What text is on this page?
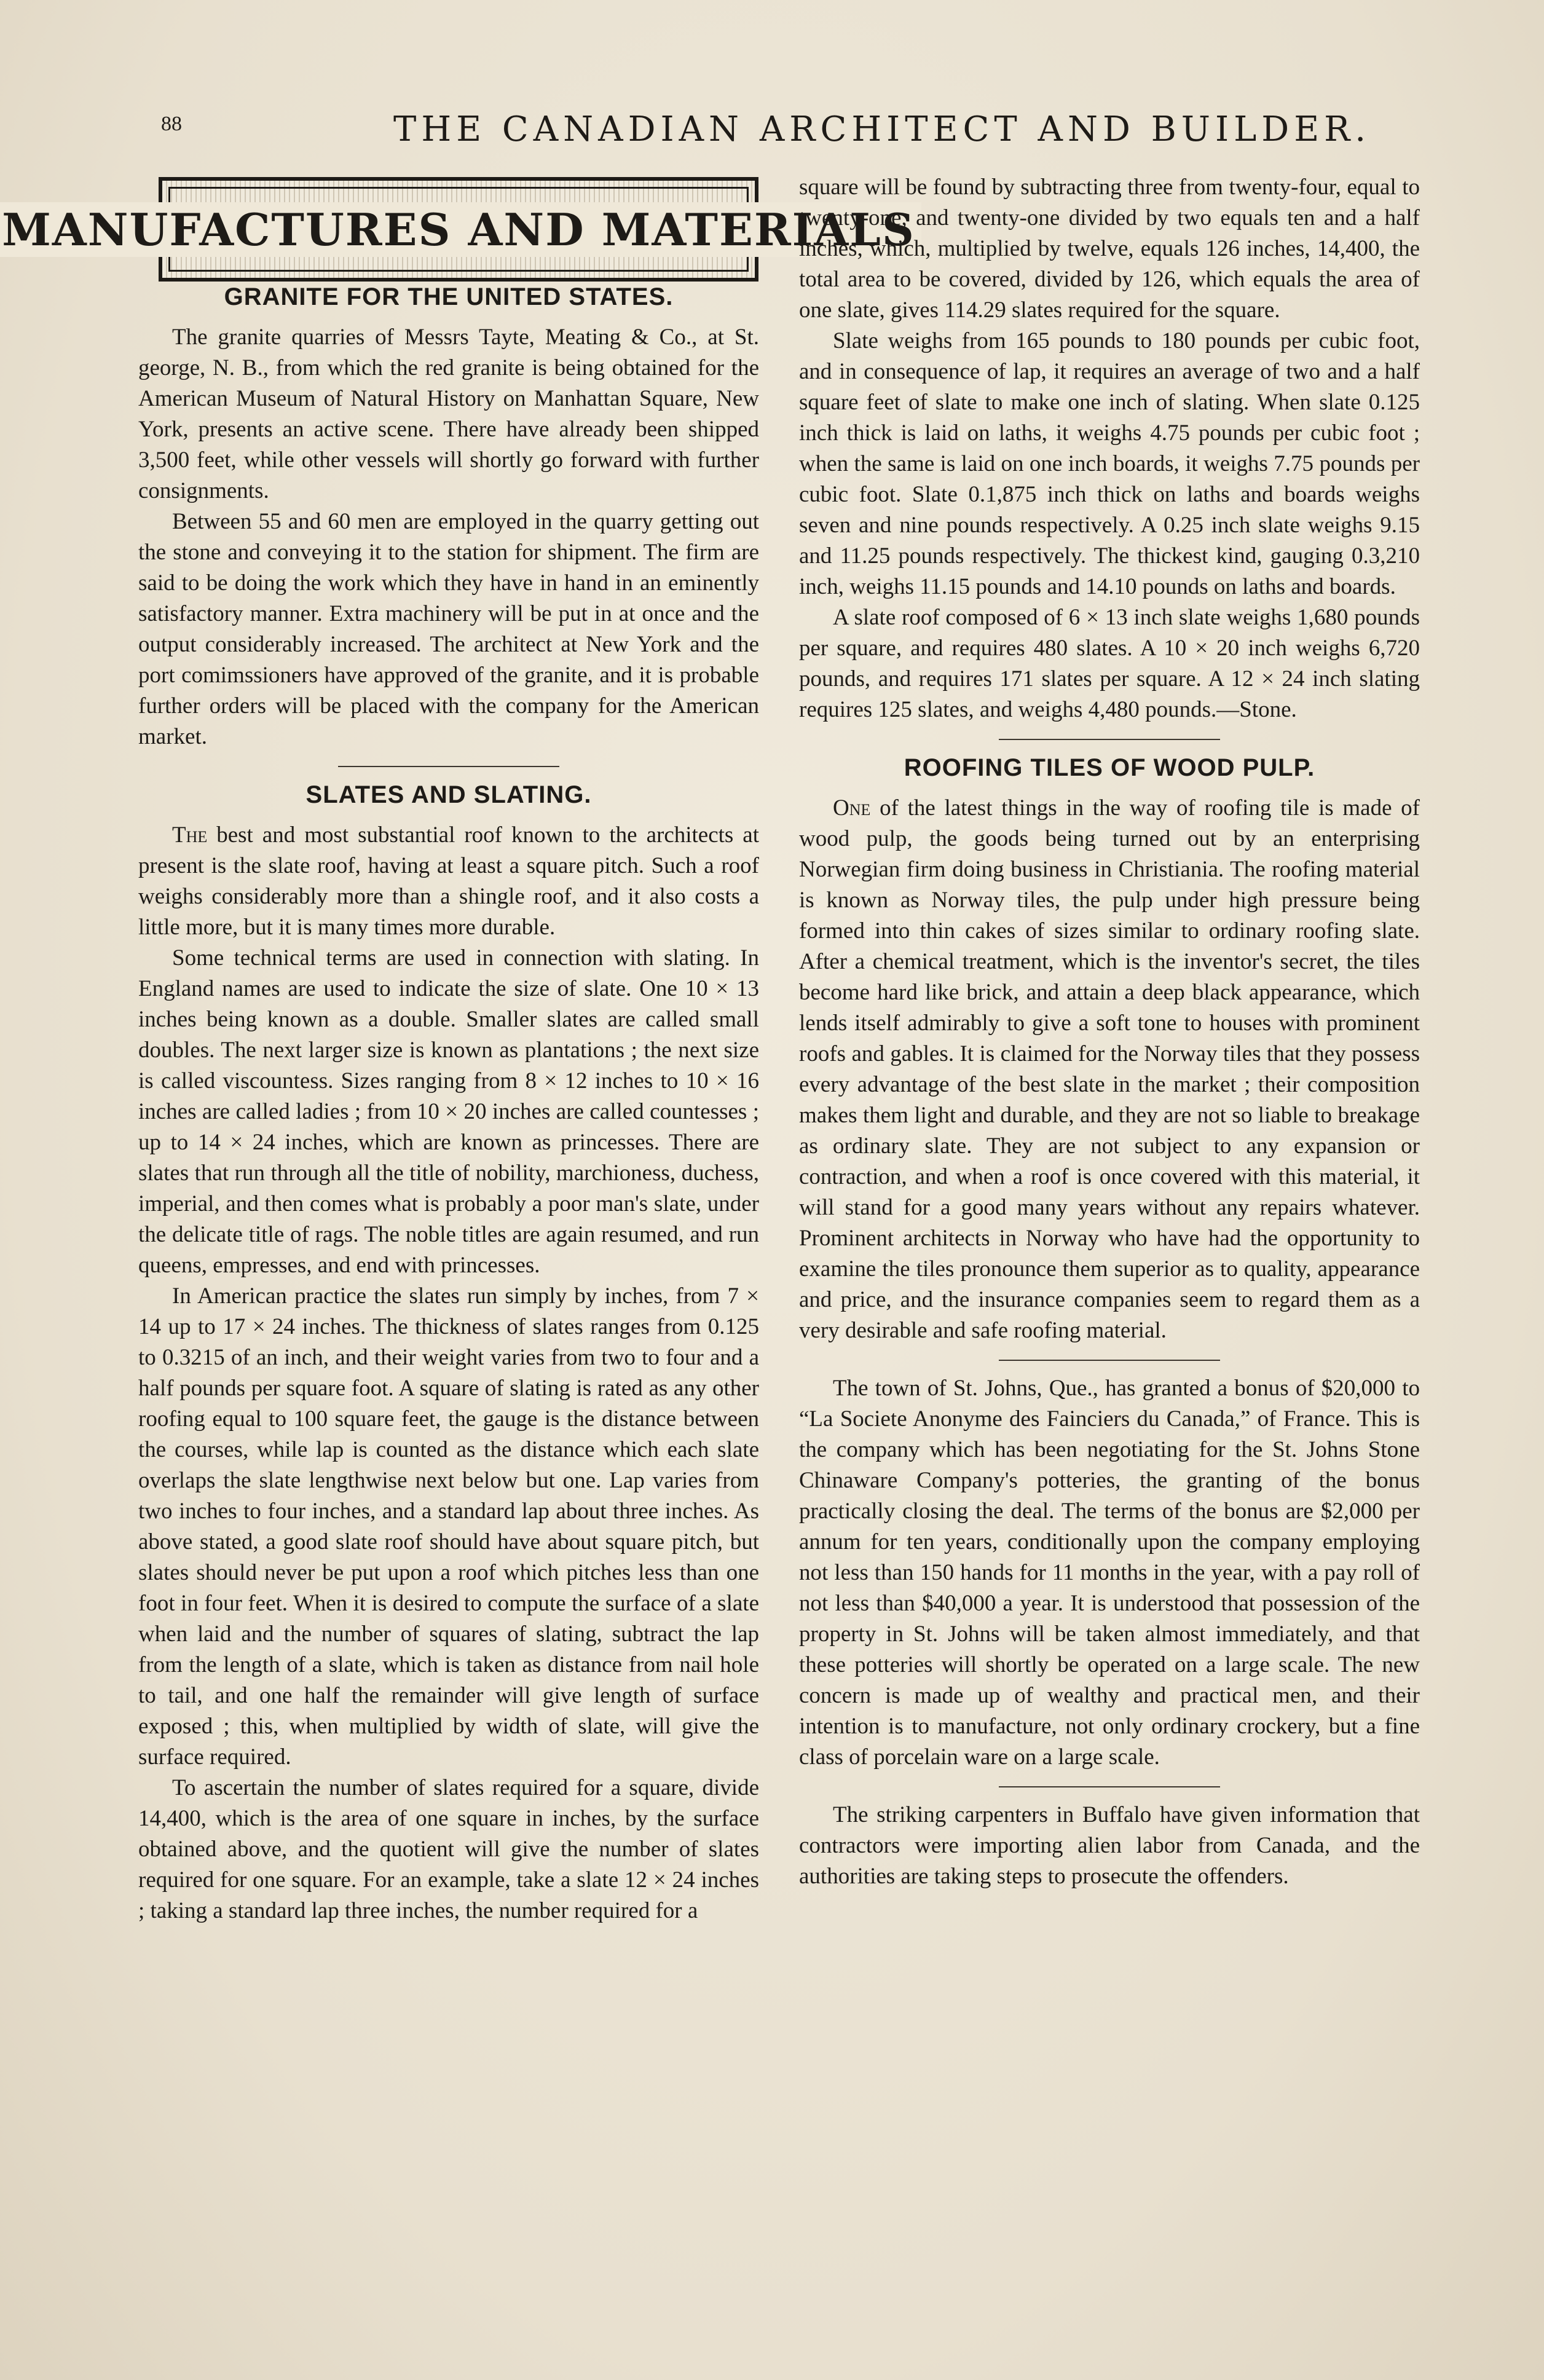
88	THE CANADIAN ARCHITECT AND BUILDER.
MANUFACTURES AND MATERIALS
GRANITE FOR THE UNITED STATES.

The granite quarries of Messrs Tayte, Meating & Co., at St. george, N. B., from which the red granite is being obtained for the American Museum of Natural History on Manhattan Square, New York, presents an active scene. There have already been shipped 3,500 feet, while other vessels will shortly go forward with further consignments.

Between 55 and 60 men are employed in the quarry getting out the stone and conveying it to the station for shipment. The firm are said to be doing the work which they have in hand in an eminently satisfactory manner. Extra machinery will be put in at once and the output considerably increased. The architect at New York and the port comimssioners have approved of the granite, and it is probable further orders will be placed with the company for the American market.

SLATES AND SLATING.

The best and most substantial roof known to the architects at present is the slate roof, having at least a square pitch. Such a roof weighs considerably more than a shingle roof, and it also costs a little more, but it is many times more durable.

Some technical terms are used in connection with slating. In England names are used to indicate the size of slate. One 10 × 13 inches being known as a double. Smaller slates are called small doubles. The next larger size is known as plantations ; the next size is called viscountess. Sizes ranging from 8 × 12 inches to 10 × 16 inches are called ladies ; from 10 × 20 inches are called countesses ; up to 14 × 24 inches, which are known as princesses. There are slates that run through all the title of nobility, marchioness, duchess, imperial, and then comes what is probably a poor man's slate, under the delicate title of rags. The noble titles are again resumed, and run queens, empresses, and end with princesses.

In American practice the slates run simply by inches, from 7 × 14 up to 17 × 24 inches. The thickness of slates ranges from 0.125 to 0.3215 of an inch, and their weight varies from two to four and a half pounds per square foot. A square of slating is rated as any other roofing equal to 100 square feet, the gauge is the distance between the courses, while lap is counted as the distance which each slate overlaps the slate lengthwise next below but one. Lap varies from two inches to four inches, and a standard lap about three inches. As above stated, a good slate roof should have about square pitch, but slates should never be put upon a roof which pitches less than one foot in four feet. When it is desired to compute the surface of a slate when laid and the number of squares of slating, subtract the lap from the length of a slate, which is taken as distance from nail hole to tail, and one half the remainder will give length of surface exposed ; this, when multiplied by width of slate, will give the surface required.

To ascertain the number of slates required for a square, divide 14,400, which is the area of one square in inches, by the surface obtained above, and the quotient will give the number of slates required for one square. For an example, take a slate 12 × 24 inches ; taking a standard lap three inches, the number required for a

square will be found by subtracting three from twenty-four, equal to twenty-one, and twenty-one divided by two equals ten and a half inches, which, multiplied by twelve, equals 126 inches, 14,400, the total area to be covered, divided by 126, which equals the area of one slate, gives 114.29 slates required for the square.

Slate weighs from 165 pounds to 180 pounds per cubic foot, and in consequence of lap, it requires an average of two and a half square feet of slate to make one inch of slating. When slate 0.125 inch thick is laid on laths, it weighs 4.75 pounds per cubic foot ; when the same is laid on one inch boards, it weighs 7.75 pounds per cubic foot. Slate 0.1,875 inch thick on laths and boards weighs seven and nine pounds respectively. A 0.25 inch slate weighs 9.15 and 11.25 pounds respectively. The thickest kind, gauging 0.3,210 inch, weighs 11.15 pounds and 14.10 pounds on laths and boards.

A slate roof composed of 6 × 13 inch slate weighs 1,680 pounds per square, and requires 480 slates. A 10 × 20 inch weighs 6,720 pounds, and requires 171 slates per square. A 12 × 24 inch slating requires 125 slates, and weighs 4,480 pounds.—Stone.

ROOFING TILES OF WOOD PULP.

One of the latest things in the way of roofing tile is made of wood pulp, the goods being turned out by an enterprising Norwegian firm doing business in Christiania. The roofing material is known as Norway tiles, the pulp under high pressure being formed into thin cakes of sizes similar to ordinary roofing slate. After a chemical treatment, which is the inventor's secret, the tiles become hard like brick, and attain a deep black appearance, which lends itself admirably to give a soft tone to houses with prominent roofs and gables. It is claimed for the Norway tiles that they possess every advantage of the best slate in the market ; their composition makes them light and durable, and they are not so liable to breakage as ordinary slate. They are not subject to any expansion or contraction, and when a roof is once covered with this material, it will stand for a good many years without any repairs whatever. Prominent architects in Norway who have had the opportunity to examine the tiles pronounce them superior as to quality, appearance and price, and the insurance companies seem to regard them as a very desirable and safe roofing material.

The town of St. Johns, Que., has granted a bonus of $20,000 to “La Societe Anonyme des Fainciers du Canada,” of France. This is the company which has been negotiating for the St. Johns Stone Chinaware Company's potteries, the granting of the bonus practically closing the deal. The terms of the bonus are $2,000 per annum for ten years, conditionally upon the company employing not less than 150 hands for 11 months in the year, with a pay roll of not less than $40,000 a year. It is understood that possession of the property in St. Johns will be taken almost immediately, and that these potteries will shortly be operated on a large scale. The new concern is made up of wealthy and practical men, and their intention is to manufacture, not only ordinary crockery, but a fine class of porcelain ware on a large scale.

The striking carpenters in Buffalo have given information that contractors were importing alien labor from Canada, and the authorities are taking steps to prosecute the offenders.
